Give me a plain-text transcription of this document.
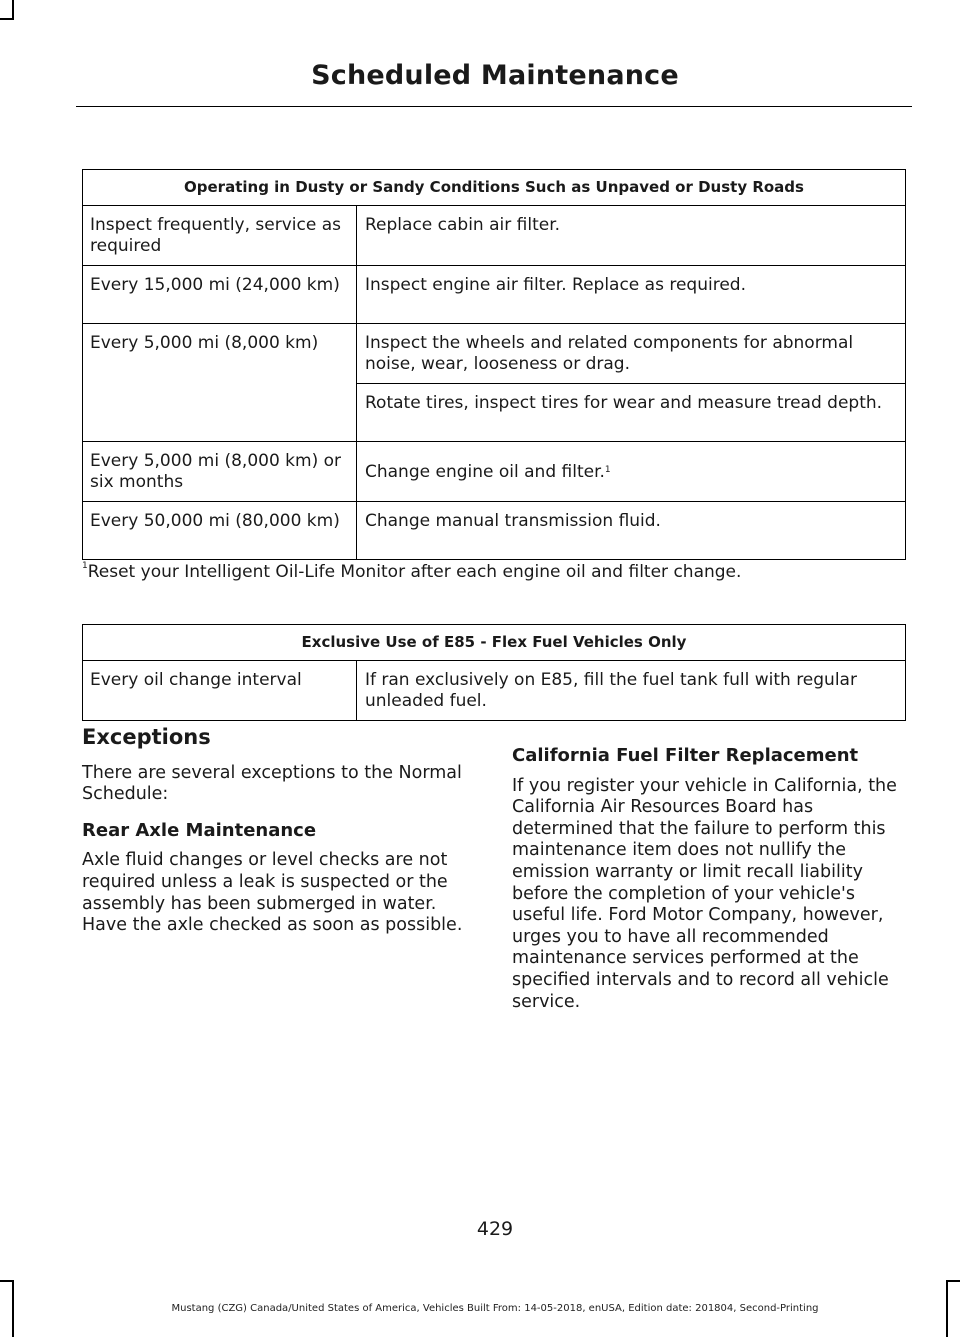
Scheduled Maintenance
Operating in Dusty or Sandy Conditions Such as Unpaved or Dusty Roads	
Inspect frequently, service as required	Replace cabin air filter.
Every 15,000 mi (24,000 km)	Inspect engine air filter. Replace as required.
Every 5,000 mi (8,000 km)	Inspect the wheels and related components for abnormal noise, wear, looseness or drag.
	Rotate tires, inspect tires for wear and measure tread depth.
Every 5,000 mi (8,000 km) or six months	Change engine oil and filter.$^1$
Every 50,000 mi (80,000 km)	Change manual transmission fluid.
$^1$Reset your Intelligent Oil-Life Monitor after each engine oil and filter change.
Exclusive Use of E85 - Flex Fuel Vehicles Only
Every oil change interval	If ran exclusively on E85, fill the fuel tank full with regular unleaded fuel.
Exceptions

There are several exceptions to the Normal Schedule:

Rear Axle Maintenance

Axle fluid changes or level checks are not required unless a leak is suspected or the assembly has been submerged in water. Have the axle checked as soon as possible.

California Fuel Filter Replacement

If you register your vehicle in California, the California Air Resources Board has determined that the failure to perform this maintenance item does not nullify the emission warranty or limit recall liability before the completion of your vehicle's useful life. Ford Motor Company, however, urges you to have all recommended maintenance services performed at the specified intervals and to record all vehicle service.

429
Mustang (CZG) Canada/United States of America, Vehicles Built From: 14-05-2018, enUSA, Edition date: 201804, Second-Printing
